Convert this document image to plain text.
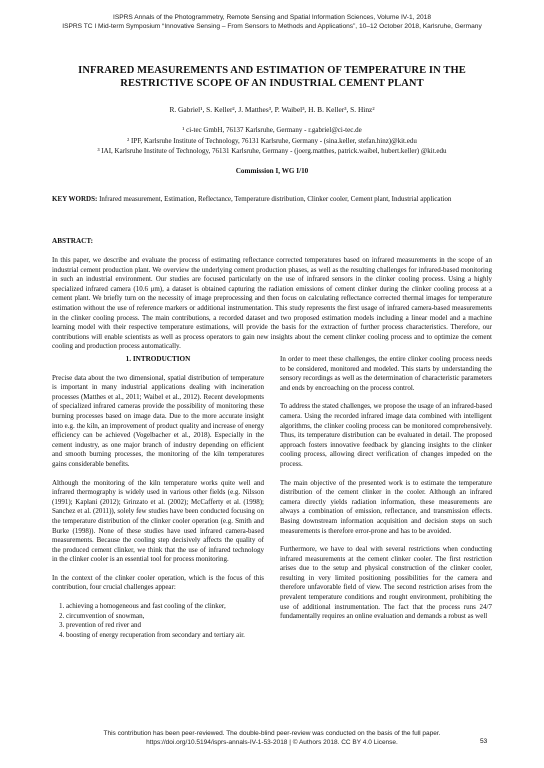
ISPRS Annals of the Photogrammetry, Remote Sensing and Spatial Information Sciences, Volume IV-1, 2018
ISPRS TC I Mid-term Symposium “Innovative Sensing – From Sensors to Methods and Applications”, 10–12 October 2018, Karlsruhe, Germany
INFRARED MEASUREMENTS AND ESTIMATION OF TEMPERATURE IN THE RESTRICTIVE SCOPE OF AN INDUSTRIAL CEMENT PLANT
R. Gabriel¹, S. Keller², J. Matthes³, P. Waibel³, H. B. Keller³, S. Hinz²
¹ ci-tec GmbH, 76137 Karlsruhe, Germany - r.gabriel@ci-tec.de
² IPF, Karlsruhe Institute of Technology, 76131 Karlsruhe, Germany - (sina.keller, stefan.hinz)@kit.edu
³ IAI, Karlsruhe Institute of Technology, 76131 Karlsruhe, Germany - (joerg.matthes, patrick.waibel, hubert.keller) @kit.edu
Commission I, WG I/10
KEY WORDS: Infrared measurement, Estimation, Reflectance, Temperature distribution, Clinker cooler, Cement plant, Industrial application
ABSTRACT:
In this paper, we describe and evaluate the process of estimating reflectance corrected temperatures based on infrared measurements in the scope of an industrial cement production plant. We overview the underlying cement production phases, as well as the resulting challenges for infrared-based monitoring in such an industrial environment. Our studies are focused particularly on the use of infrared sensors in the clinker cooling process. Using a highly specialized infrared camera (10.6 μm), a dataset is obtained capturing the radiation emissions of cement clinker during the clinker cooling process at a cement plant. We briefly turn on the necessity of image preprocessing and then focus on calculating reflectance corrected thermal images for temperature estimation without the use of reference markers or additional instrumentation. This study represents the first usage of infrared camera-based measurements in the clinker cooling process. The main contributions, a recorded dataset and two proposed estimation models including a linear model and a machine learning model with their respective temperature estimations, will provide the basis for the extraction of further process characteristics. Therefore, our contributions will enable scientists as well as process operators to gain new insights about the cement clinker cooling process and to optimize the cement cooling and production process automatically.
1. INTRODUCTION

Precise data about the two dimensional, spatial distribution of temperature is important in many industrial applications dealing with incineration processes (Matthes et al., 2011; Waibel et al., 2012). Recent developments of specialized infrared cameras provide the possibility of monitoring these burning processes based on image data. Due to the more accurate insight into e.g. the kiln, an improvement of product quality and increase of energy efficiency can be achieved (Vogelbacher et al., 2018). Especially in the cement industry, as one major branch of industry depending on efficient and smooth burning processes, the monitoring of the kiln temperatures gains considerable benefits.

Although the monitoring of the kiln temperature works quite well and infrared thermography is widely used in various other fields (e.g. Nilsson (1991); Kaplani (2012); Grinzato et al. (2002); McCafferty et al. (1998); Sanchez et al. (2011)), solely few studies have been conducted focusing on the temperature distribution of the clinker cooler operation (e.g. Smith and Burke (1998)). None of these studies have used infrared camera-based measurements. Because the cooling step decisively affects the quality of the produced cement clinker, we think that the use of infrared technology in the clinker cooler is an essential tool for process monitoring.

In the context of the clinker cooler operation, which is the focus of this contribution, four crucial challenges appear:

1. achieving a homogeneous and fast cooling of the clinker,
2. circumvention of snowman,
3. prevention of red river and
4. boosting of energy recuperation from secondary and tertiary air.

In order to meet these challenges, the entire clinker cooling process needs to be considered, monitored and modeled. This starts by understanding the sensory recordings as well as the determination of characteristic parameters and ends by encroaching on the process control.

To address the stated challenges, we propose the usage of an infrared-based camera. Using the recorded infrared image data combined with intelligent algorithms, the clinker cooling process can be monitored comprehensively. Thus, its temperature distribution can be evaluated in detail. The proposed approach fosters innovative feedback by glancing insights to the clinker cooling process, allowing direct verification of changes impeded on the process.

The main objective of the presented work is to estimate the temperature distribution of the cement clinker in the cooler. Although an infrared camera directly yields radiation information, these measurements are always a combination of emission, reflectance, and transmission effects. Basing downstream information acquisition and decision steps on such measurements is therefore error-prone and has to be avoided.

Furthermore, we have to deal with several restrictions when conducting infrared measurements at the cement clinker cooler. The first restriction arises due to the setup and physical construction of the clinker cooler, resulting in very limited positioning possibilities for the camera and therefore unfavorable field of view. The second restriction arises from the prevalent temperature conditions and rought environment, prohibiting the use of additional instrumentation. The fact that the process runs 24/7 fundamentally requires an online evaluation and demands a robust as well

This contribution has been peer-reviewed. The double-blind peer-review was conducted on the basis of the full paper.
https://doi.org/10.5194/isprs-annals-IV-1-53-2018 | © Authors 2018. CC BY 4.0 License.	53
